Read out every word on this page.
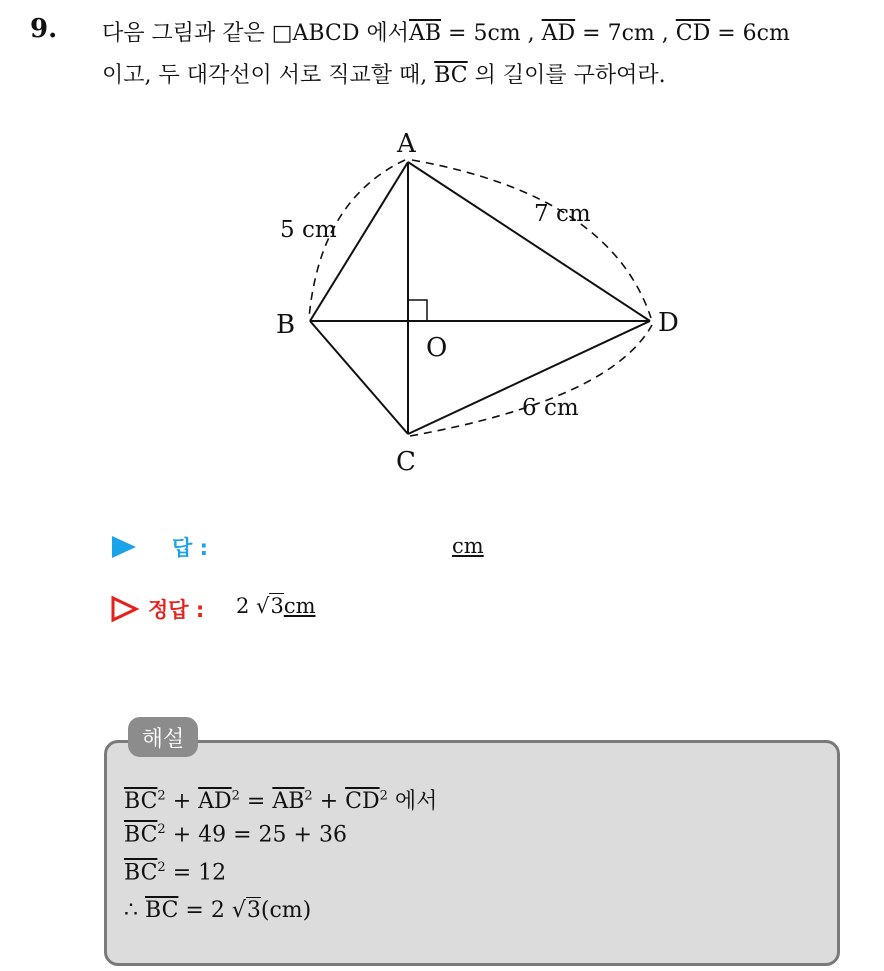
9. 다음 그림과 같은 □ABCD 에서$\overline{AB} = 5cm$ , $\overline{AD} = 7cm$ , $\overline{CD} = 6cm$
이고, 두 대각선이 서로 직교할 때, $\overline{BC}$ 의 길이를 구하여라.
A
B
C
D
O
5 cm
7 cm
6 cm
답 :	cm
정답 : 2 √3cm
해설
$\overline{BC}^2 + \overline{AD}^2 = \overline{AB}^2 + \overline{CD}^2$ 에서
$\overline{BC}^2 + 49 = 25 + 36$
$\overline{BC}^2 = 12$
∴ $\overline{BC} = 2$ √3(cm)
